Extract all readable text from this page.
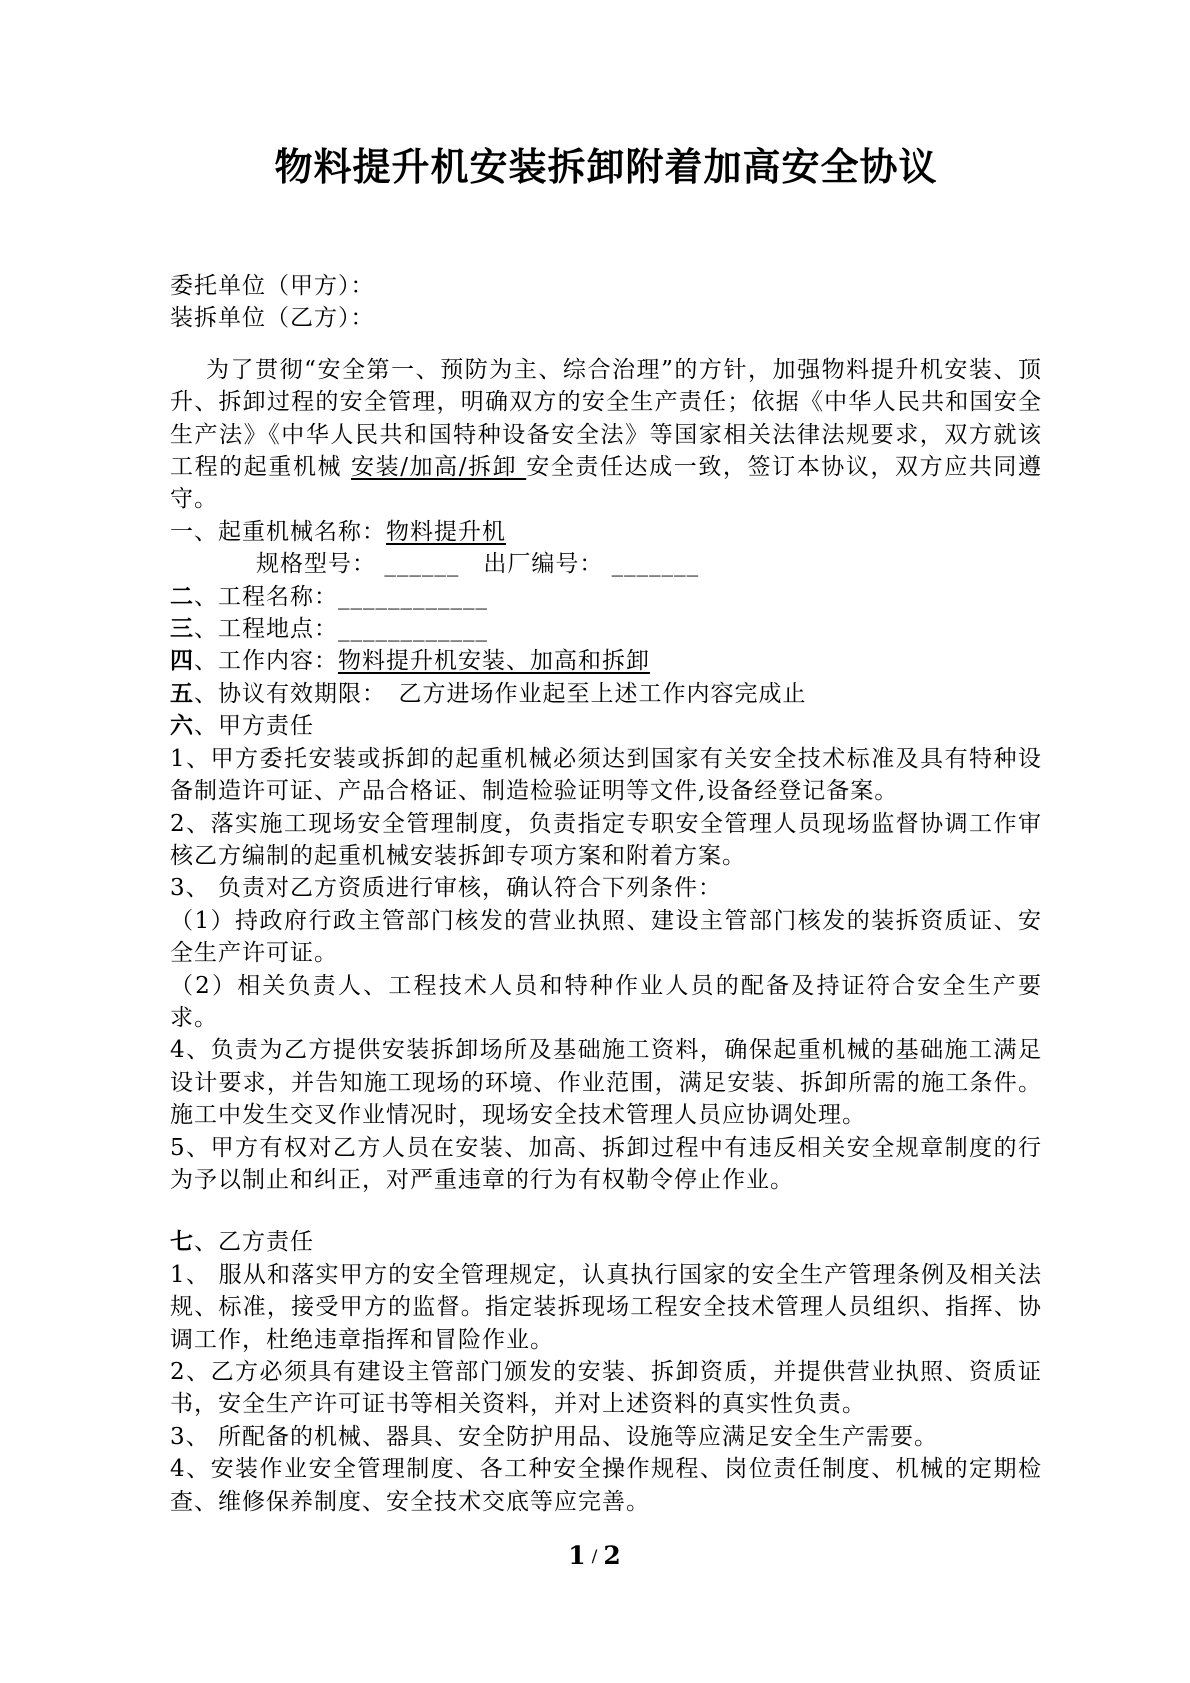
物料提升机安装拆卸附着加高安全协议

委托单位（甲方）：

装拆单位（乙方）：

为了贯彻“安全第一、预防为主、综合治理”的方针，加强物料提升机安装、顶升、拆卸过程的安全管理，明确双方的安全生产责任；依据《中华人民共和国安全生产法》《中华人民共和国特种设备安全法》等国家相关法律法规要求，双方就该工程的起重机械 安装/加高/拆卸 安全责任达成一致，签订本协议，双方应共同遵守。

一、起重机械名称：物料提升机

规格型号： ______　出厂编号： _______

二、工程名称：____________

三、工程地点：____________

四、工作内容：物料提升机安装、加高和拆卸

五、协议有效期限：　乙方进场作业起至上述工作内容完成止

六、甲方责任

1、甲方委托安装或拆卸的起重机械必须达到国家有关安全技术标准及具有特种设备制造许可证、产品合格证、制造检验证明等文件,设备经登记备案。

2、落实施工现场安全管理制度，负责指定专职安全管理人员现场监督协调工作审核乙方编制的起重机械安装拆卸专项方案和附着方案。

3、 负责对乙方资质进行审核，确认符合下列条件：

（1）持政府行政主管部门核发的营业执照、建设主管部门核发的装拆资质证、安全生产许可证。

（2）相关负责人、工程技术人员和特种作业人员的配备及持证符合安全生产要求。

4、负责为乙方提供安装拆卸场所及基础施工资料，确保起重机械的基础施工满足设计要求，并告知施工现场的环境、作业范围，满足安装、拆卸所需的施工条件。施工中发生交叉作业情况时，现场安全技术管理人员应协调处理。

5、甲方有权对乙方人员在安装、加高、拆卸过程中有违反相关安全规章制度的行为予以制止和纠正，对严重违章的行为有权勒令停止作业。

七、乙方责任

1、 服从和落实甲方的安全管理规定，认真执行国家的安全生产管理条例及相关法规、标准，接受甲方的监督。指定装拆现场工程安全技术管理人员组织、指挥、协调工作，杜绝违章指挥和冒险作业。

2、乙方必须具有建设主管部门颁发的安装、拆卸资质，并提供营业执照、资质证书，安全生产许可证书等相关资料，并对上述资料的真实性负责。

3、 所配备的机械、器具、安全防护用品、设施等应满足安全生产需要。

4、安装作业安全管理制度、各工种安全操作规程、岗位责任制度、机械的定期检查、维修保养制度、安全技术交底等应完善。

1 / 2
